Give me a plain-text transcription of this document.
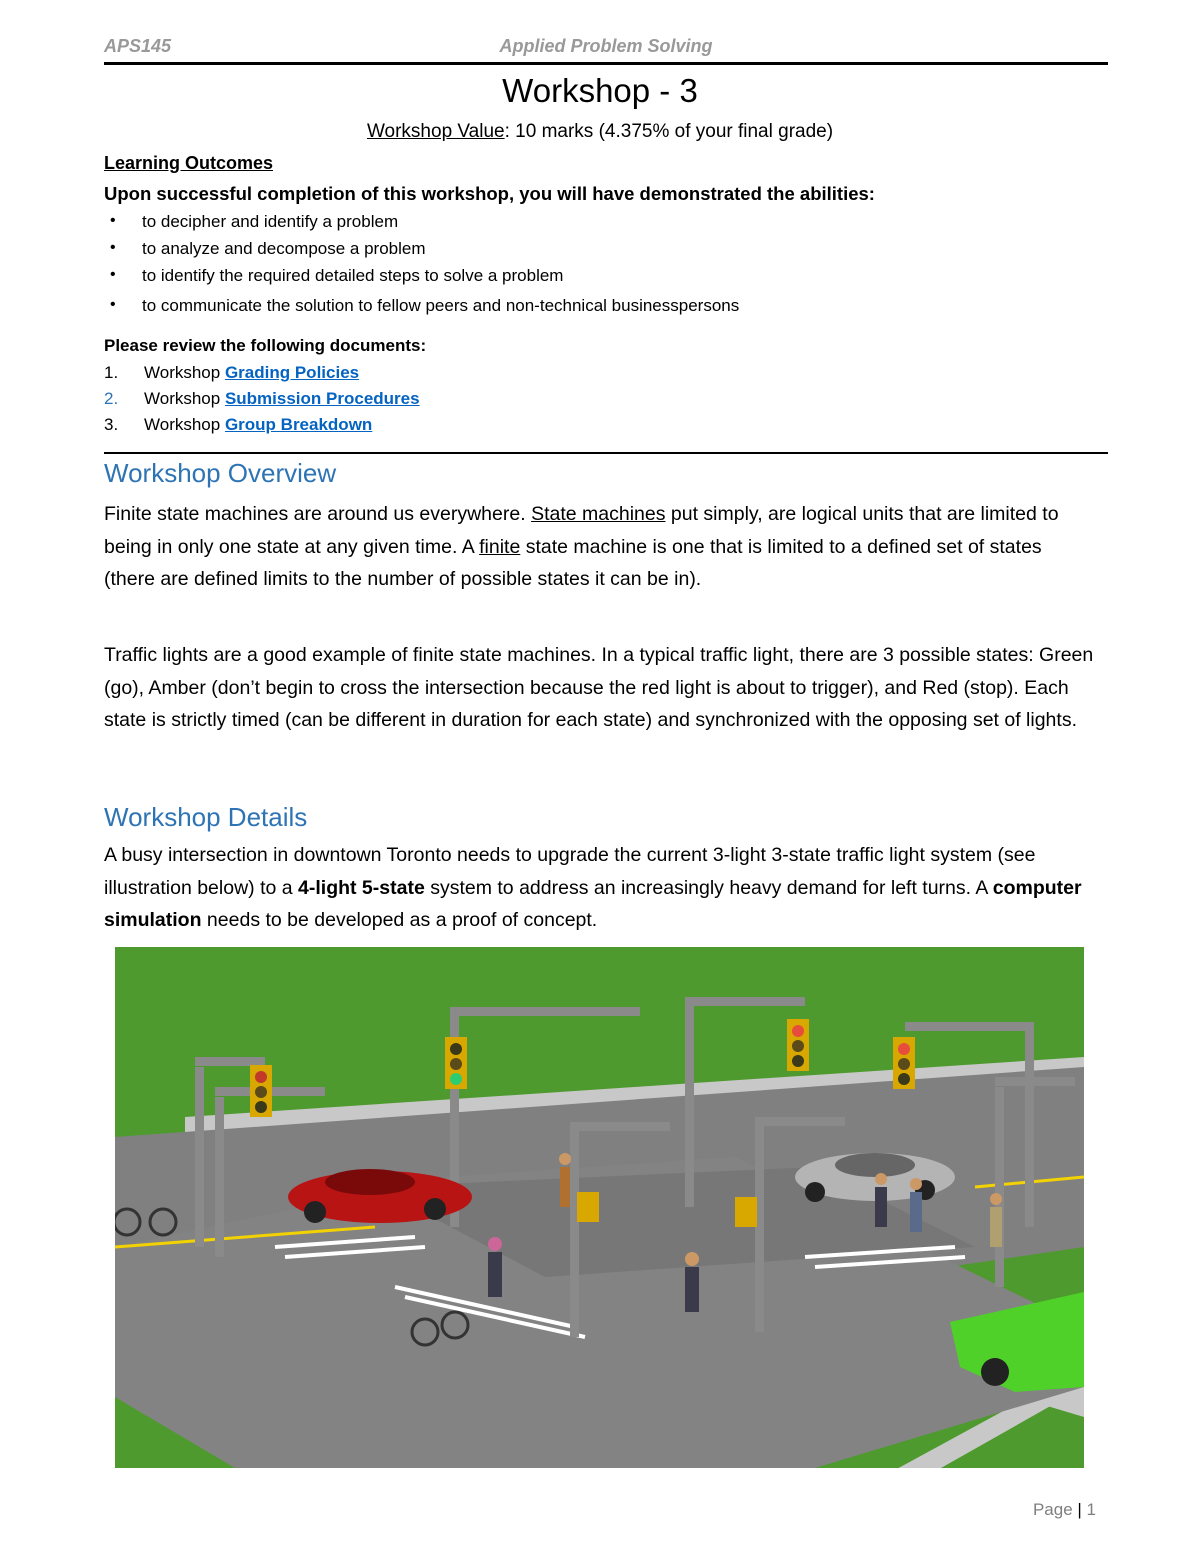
APS145	Applied Problem Solving
Workshop - 3
Workshop Value: 10 marks (4.375% of your final grade)
Learning Outcomes
Upon successful completion of this workshop, you will have demonstrated the abilities:
• to decipher and identify a problem
• to analyze and decompose a problem
• to identify the required detailed steps to solve a problem
• to communicate the solution to fellow peers and non-technical businesspersons
Please review the following documents:
1. Workshop Grading Policies
2. Workshop Submission Procedures
3. Workshop Group Breakdown
Workshop Overview
Finite state machines are around us everywhere. State machines put simply, are logical units that are limited to being in only one state at any given time. A finite state machine is one that is limited to a defined set of states (there are defined limits to the number of possible states it can be in).
Traffic lights are a good example of finite state machines. In a typical traffic light, there are 3 possible states: Green (go), Amber (don’t begin to cross the intersection because the red light is about to trigger), and Red (stop). Each state is strictly timed (can be different in duration for each state) and synchronized with the opposing set of lights.
Workshop Details
A busy intersection in downtown Toronto needs to upgrade the current 3-light 3-state traffic light system (see illustration below) to a 4-light 5-state system to address an increasingly heavy demand for left turns. A computer simulation needs to be developed as a proof of concept.
Page | 1
